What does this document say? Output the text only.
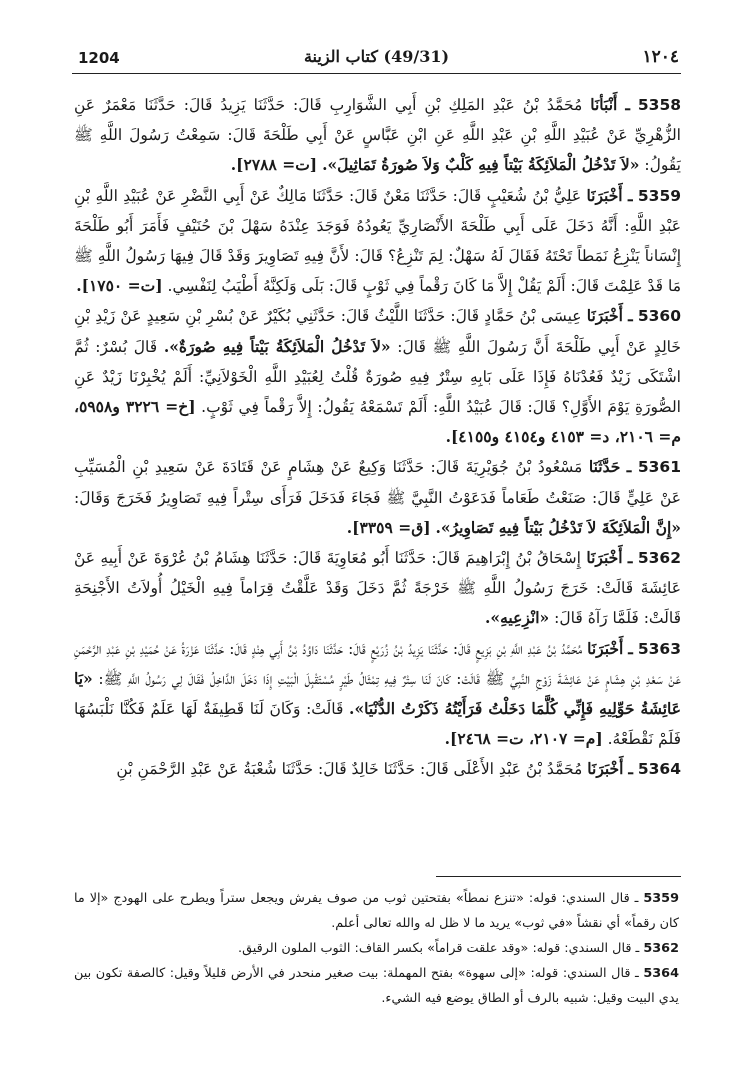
1204	(49/31) كتاب الزينة	١٢٠٤

5358 ـ أَنْبَأنَا مُحَمَّدُ بْنُ عَبْدِ المَلِكِ بْنِ أَبِي الشَّوَارِبِ قَالَ: حَدَّثَنَا يَزِيدُ قَالَ: حَدَّثَنَا مَعْمَرٌ عَنِ الزُّهْرِيِّ عَنْ عُبَيْدِ اللَّهِ بْنِ عَبْدِ اللَّهِ عَنِ ابْنِ عَبَّاسٍ عَنْ أَبِي طَلْحَةَ قَالَ: سَمِعْتُ رَسُولَ اللَّهِ ﷺ يَقُولُ: «لاَ تَدْخُلُ الْمَلاَئِكَةُ بَيْتاً فِيهِ كَلْبٌ وَلاَ صُورَةُ تَمَاثِيلَ». [ت= ٢٧٨٨].

5359 ـ أَخْبَرَنَا عَلِيُّ بْنُ شُعَيْبٍ قَالَ: حَدَّثَنَا مَعْنٌ قَالَ: حَدَّثَنَا مَالِكٌ عَنْ أَبِي النَّضْرِ عَنْ عُبَيْدِ اللَّهِ بْنِ عَبْدِ اللَّهِ: أَنَّهُ دَخَلَ عَلَى أَبِي طَلْحَةَ الأَنْصَارِيِّ يَعُودُهُ فَوَجَدَ عِنْدَهُ سَهْلَ بْنَ حُنَيْفٍ فَأَمَرَ أَبُو طَلْحَةَ إِنْسَاناً يَنْزِعُ نَمَطاً تَحْتَهُ فَقَالَ لَهُ سَهْلٌ: لِمَ تَنْزِعُ؟ قَالَ: لأَنَّ فِيهِ تَصَاوِيرَ وَقَدْ قَالَ فِيهَا رَسُولُ اللَّهِ ﷺ مَا قَدْ عَلِمْتَ قَالَ: أَلَمْ يَقُلْ إِلاَّ مَا كَانَ رَقْماً فِي ثَوْبٍ قَالَ: بَلَى وَلَكِنَّهُ أَطْيَبُ لِنَفْسِي. [ت= ١٧٥٠].

5360 ـ أَخْبَرَنَا عِيسَى بْنُ حَمَّادٍ قَالَ: حَدَّثَنَا اللَّيْثُ قَالَ: حَدَّثَنِي بُكَيْرٌ عَنْ بُسْرِ بْنِ سَعِيدٍ عَنْ زَيْدِ بْنِ خَالِدٍ عَنْ أَبِي طَلْحَةَ أَنَّ رَسُولَ اللَّهِ ﷺ قَالَ: «لاَ تَدْخُلُ الْمَلاَئِكَةُ بَيْتاً فِيهِ صُورَةٌ». قَالَ بُسْرٌ: ثُمَّ اشْتَكَى زَيْدٌ فَعُدْنَاهُ فَإِذَا عَلَى بَابِهِ سِتْرٌ فِيهِ صُورَةٌ قُلْتُ لِعُبَيْدِ اللَّهِ الْخَوْلاَنِيِّ: أَلَمْ يُخْبِرْنَا زَيْدٌ عَنِ الصُّورَةِ يَوْمَ الأَوَّلِ؟ قَالَ: قَالَ عُبَيْدُ اللَّهِ: أَلَمْ تَسْمَعْهُ يَقُولُ: إِلاَّ رَقْماً فِي ثَوْبٍ. [خ= ٣٢٢٦ و٥٩٥٨، م= ٢١٠٦، د= ٤١٥٣ و٤١٥٤ و٤١٥٥].

5361 ـ حَدَّثَنَا مَسْعُودُ بْنُ جُوَيْرِيَةَ قَالَ: حَدَّثَنَا وَكِيعٌ عَنْ هِشَامٍ عَنْ قَتَادَةَ عَنْ سَعِيدِ بْنِ الْمُسَيِّبِ عَنْ عَلِيٍّ قَالَ: صَنَعْتُ طَعَاماً فَدَعَوْتُ النَّبِيَّ ﷺ فَجَاءَ فَدَخَلَ فَرَأَى سِتْراً فِيهِ تَصَاوِيرُ فَخَرَجَ وَقَالَ: «إِنَّ الْمَلاَئِكَةَ لاَ تَدْخُلُ بَيْتاً فِيهِ تَصَاوِيرُ». [ق= ٣٣٥٩].

5362 ـ أَخْبَرَنَا إِسْحَاقُ بْنُ إِبْرَاهِيمَ قَالَ: حَدَّثَنَا أَبُو مُعَاوِيَةَ قَالَ: حَدَّثَنَا هِشَامُ بْنُ عُرْوَةَ عَنْ أَبِيهِ عَنْ عَائِشَةَ قَالَتْ: خَرَجَ رَسُولُ اللَّهِ ﷺ خَرْجَةً ثُمَّ دَخَلَ وَقَدْ عَلَّقْتُ قِرَاماً فِيهِ الْخَيْلُ أُولاَتُ الأَجْنِحَةِ قَالَتْ: فَلَمَّا رَآهُ قَالَ: «انْزِعِيهِ».

5363 ـ أَخْبَرَنَا مُحَمَّدُ بْنُ عَبْدِ اللَّهِ بْنِ بَزِيعٍ قَالَ: حَدَّثَنَا يَزِيدُ بْنُ زُرَيْعٍ قَالَ: حَدَّثَنَا دَاوُدُ بْنُ أَبِي هِنْدٍ قَالَ: حَدَّثَنَا عَزْرَةُ عَنْ حُمَيْدِ بْنِ عَبْدِ الرَّحْمَنِ عَنْ سَعْدِ بْنِ هِشَامٍ عَنْ عَائِشَةَ زَوْجِ النَّبِيِّ ﷺ قَالَتْ: كَانَ لَنَا سِتْرٌ فِيهِ تِمْثَالُ طَيْرٍ مُسْتَقْبِلَ الْبَيْتِ إِذَا دَخَلَ الدَّاخِلُ فَقَالَ لِي رَسُولُ اللَّهِ ﷺ: «يَا عَائِشَةُ حَوِّلِيهِ فَإِنِّي كُلَّمَا دَخَلْتُ فَرَأَيْتُهُ ذَكَرْتُ الدُّنْيَا». قَالَتْ: وَكَانَ لَنَا قَطِيفَةٌ لَهَا عَلَمٌ فَكُنَّا نَلْبَسُهَا فَلَمْ نَقْطَعْهُ. [م= ٢١٠٧، ت= ٢٤٦٨].

5364 ـ أَخْبَرَنَا مُحَمَّدُ بْنُ عَبْدِ الأَعْلَى قَالَ: حَدَّثَنَا خَالِدٌ قَالَ: حَدَّثَنَا شُعْبَةُ عَنْ عَبْدِ الرَّحْمَنِ بْنِ

5359 ـ قال السندي: قوله: «تنزع نمطاً» بفتحتين ثوب من صوف يفرش ويجعل ستراً ويطرح على الهودج «إلا ما كان رقماً» أي نقشاً «في ثوب» يريد ما لا ظل له والله تعالى أعلم.

5362 ـ قال السندي: قوله: «وقد علقت قراماً» بكسر القاف: الثوب الملون الرقيق.

5364 ـ قال السندي: قوله: «إلى سهوة» بفتح المهملة: بيت صغير منحدر في الأرض قليلاً وقيل: كالصفة تكون بين يدي البيت وقيل: شبيه بالرف أو الطاق يوضع فيه الشيء.
